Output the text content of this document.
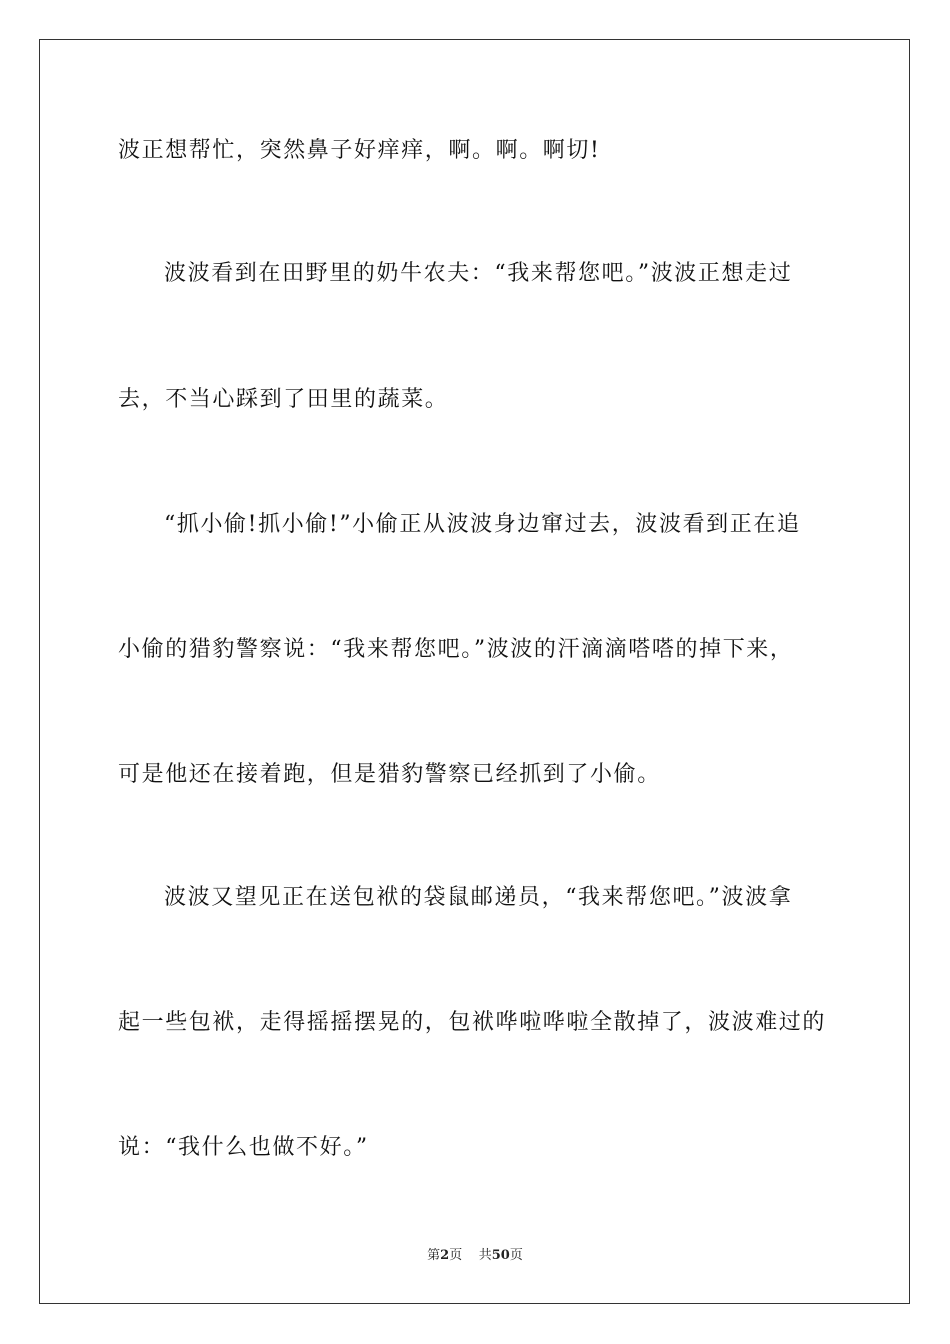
波正想帮忙，突然鼻子好痒痒，啊。啊。啊切!
波波看到在田野里的奶牛农夫：“我来帮您吧。”波波正想走过
去，不当心踩到了田里的蔬菜。
“抓小偷!抓小偷!”小偷正从波波身边窜过去，波波看到正在追
小偷的猎豹警察说：“我来帮您吧。”波波的汗滴滴嗒嗒的掉下来，
可是他还在接着跑，但是猎豹警察已经抓到了小偷。
波波又望见正在送包袱的袋鼠邮递员，“我来帮您吧。”波波拿
起一些包袱，走得摇摇摆晃的，包袱哗啦哗啦全散掉了，波波难过的
说：“我什么也做不好。”
第2页 共50页
